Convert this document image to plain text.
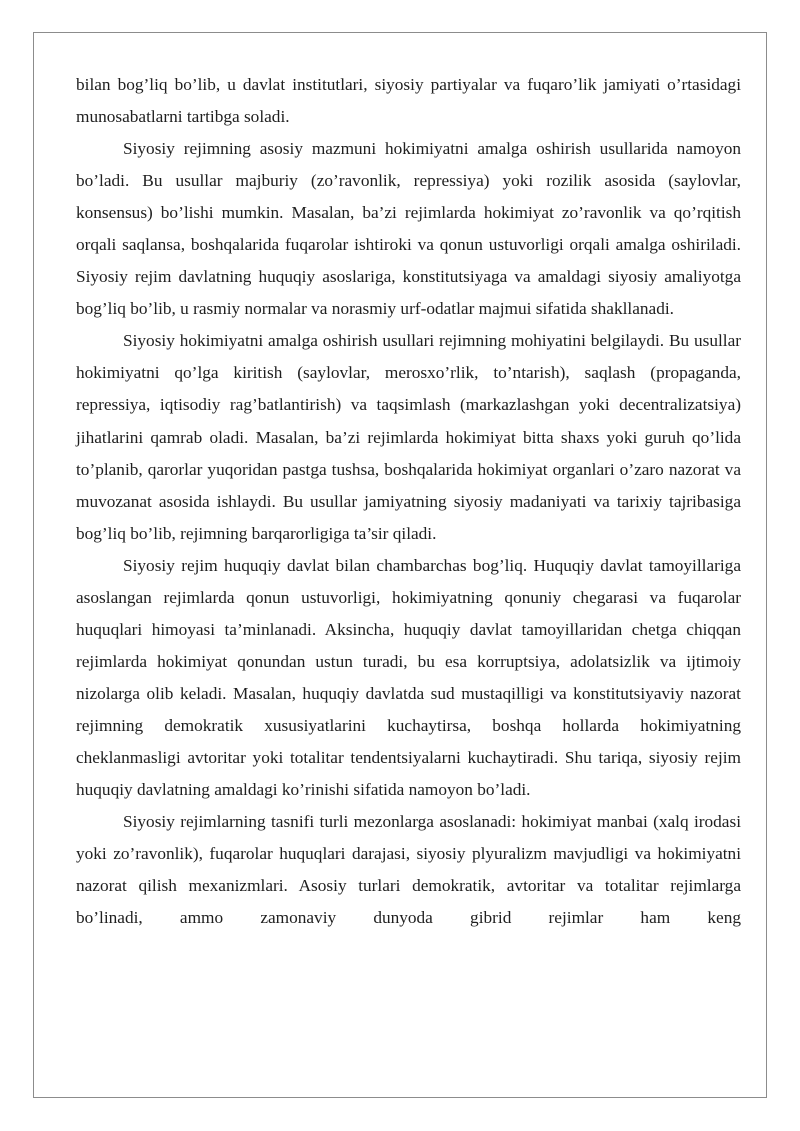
bilan bog’liq bo’lib, u davlat institutlari, siyosiy partiyalar va fuqaro’lik jamiyati o’rtasidagi munosabatlarni tartibga soladi.

Siyosiy rejimning asosiy mazmuni hokimiyatni amalga oshirish usullarida namoyon bo’ladi. Bu usullar majburiy (zo’ravonlik, repressiya) yoki rozilik asosida (saylovlar, konsensus) bo’lishi mumkin. Masalan, ba’zi rejimlarda hokimiyat zo’ravonlik va qo’rqitish orqali saqlansa, boshqalarida fuqarolar ishtiroki va qonun ustuvorligi orqali amalga oshiriladi. Siyosiy rejim davlatning huquqiy asoslariga, konstitutsiyaga va amaldagi siyosiy amaliyotga bog’liq bo’lib, u rasmiy normalar va norasmiy urf-odatlar majmui sifatida shakllanadi.

Siyosiy hokimiyatni amalga oshirish usullari rejimning mohiyatini belgilaydi. Bu usullar hokimiyatni qo’lga kiritish (saylovlar, merosxo’rlik, to’ntarish), saqlash (propaganda, repressiya, iqtisodiy rag’batlantirish) va taqsimlash (markazlashgan yoki decentralizatsiya) jihatlarini qamrab oladi. Masalan, ba’zi rejimlarda hokimiyat bitta shaxs yoki guruh qo’lida to’planib, qarorlar yuqoridan pastga tushsa, boshqalarida hokimiyat organlari o’zaro nazorat va muvozanat asosida ishlaydi. Bu usullar jamiyatning siyosiy madaniyati va tarixiy tajribasiga bog’liq bo’lib, rejimning barqarorligiga ta’sir qiladi.

Siyosiy rejim huquqiy davlat bilan chambarchas bog’liq. Huquqiy davlat tamoyillariga asoslangan rejimlarda qonun ustuvorligi, hokimiyatning qonuniy chegarasi va fuqarolar huquqlari himoyasi ta’minlanadi. Aksincha, huquqiy davlat tamoyillaridan chetga chiqqan rejimlarda hokimiyat qonundan ustun turadi, bu esa korruptsiya, adolatsizlik va ijtimoiy nizolarga olib keladi. Masalan, huquqiy davlatda sud mustaqilligi va konstitutsiyaviy nazorat rejimning demokratik xususiyatlarini kuchaytirsa, boshqa hollarda hokimiyatning cheklanmasligi avtoritar yoki totalitar tendentsiyalarni kuchaytiradi. Shu tariqa, siyosiy rejim huquqiy davlatning amaldagi ko’rinishi sifatida namoyon bo’ladi.

Siyosiy rejimlarning tasnifi turli mezonlarga asoslanadi: hokimiyat manbai (xalq irodasi yoki zo’ravonlik), fuqarolar huquqlari darajasi, siyosiy plyuralizm mavjudligi va hokimiyatni nazorat qilish mexanizmlari. Asosiy turlari demokratik, avtoritar va totalitar rejimlarga bo’linadi, ammo zamonaviy dunyoda gibrid rejimlar ham keng
